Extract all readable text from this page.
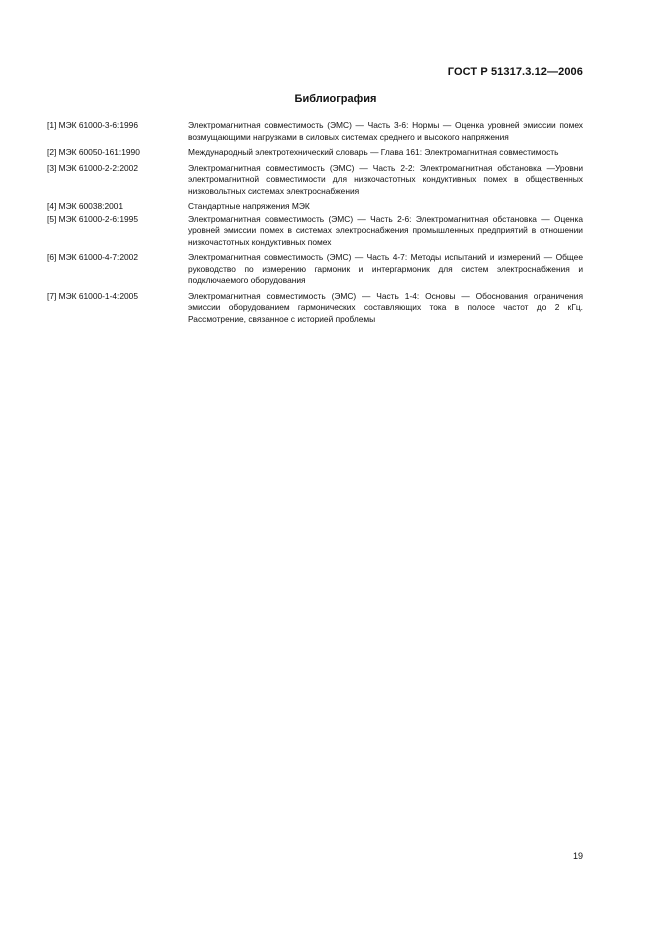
ГОСТ Р 51317.3.12—2006
Библиография
[1] МЭК 61000-3-6:1996	Электромагнитная совместимость (ЭМС) — Часть 3-6: Нормы — Оценка уровней эмиссии помех возмущающими нагрузками в силовых системах среднего и высокого напряжения
[2] МЭК 60050-161:1990	Международный электротехнический словарь — Глава 161: Электромагнитная совместимость
[3] МЭК 61000-2-2:2002	Электромагнитная совместимость (ЭМС) — Часть 2-2: Электромагнитная обстановка —Уровни электромагнитной совместимости для низкочастотных кондуктивных помех в общественных низковольтных системах электроснабжения
[4] МЭК 60038:2001	Стандартные напряжения МЭК
[5] МЭК 61000-2-6:1995	Электромагнитная совместимость (ЭМС) — Часть 2-6: Электромагнитная обстановка — Оценка уровней эмиссии помех в системах электроснабжения промышленных предприятий в отношении низкочастотных кондуктивных помех
[6] МЭК 61000-4-7:2002	Электромагнитная совместимость (ЭМС) — Часть 4-7: Методы испытаний и измерений — Общее руководство по измерению гармоник и интергармоник для систем электроснабжения и подключаемого оборудования
[7] МЭК 61000-1-4:2005	Электромагнитная совместимость (ЭМС) — Часть 1-4: Основы — Обоснования ограничения эмиссии оборудованием гармонических составляющих тока в полосе частот до 2 кГц. Рассмотрение, связанное с историей проблемы
19
